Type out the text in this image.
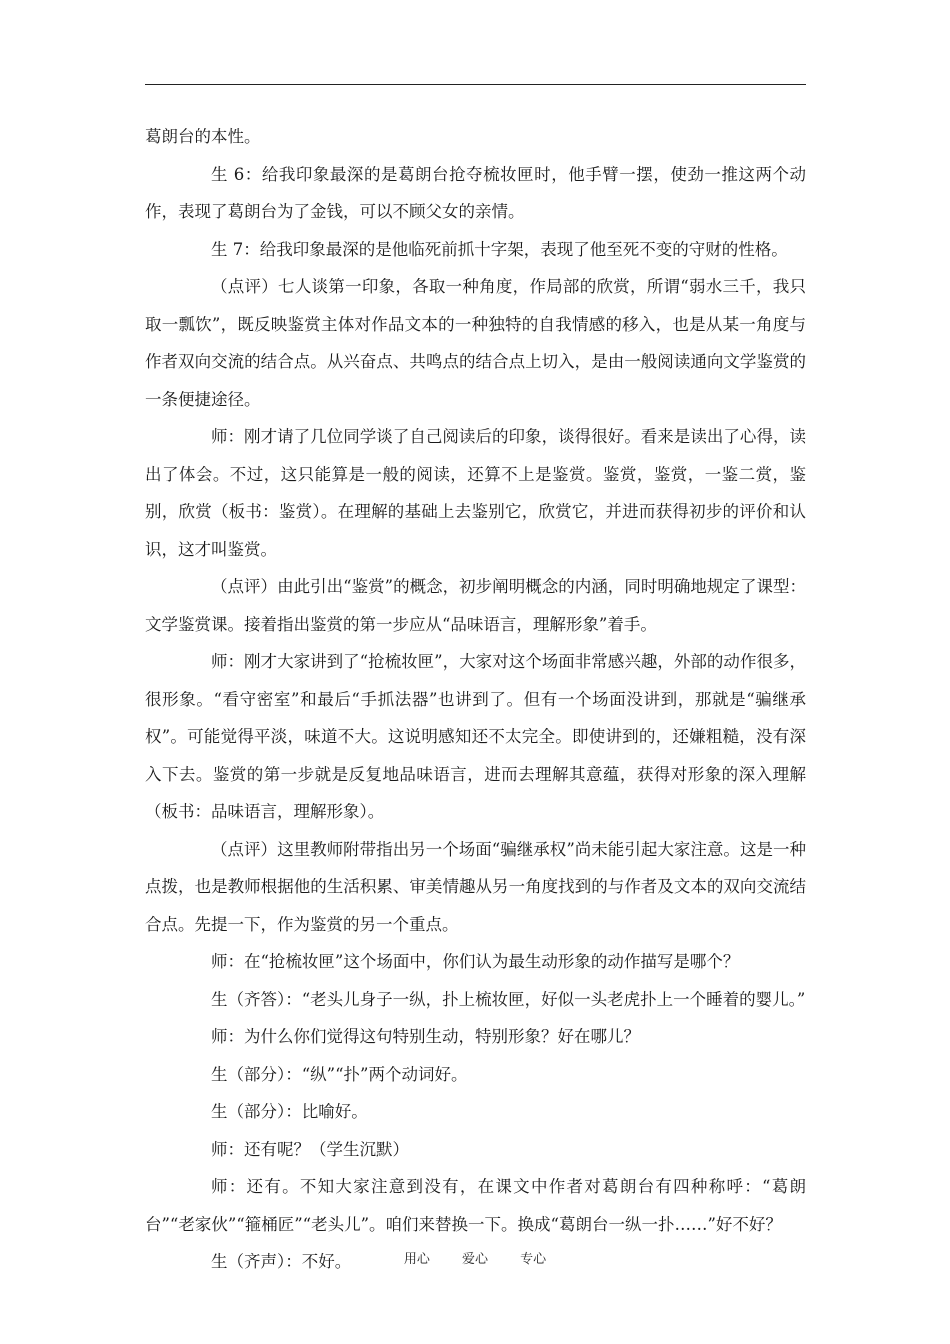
葛朗台的本性。

生 6：给我印象最深的是葛朗台抢夺梳妆匣时，他手臂一摆，使劲一推这两个动作，表现了葛朗台为了金钱，可以不顾父女的亲情。

生 7：给我印象最深的是他临死前抓十字架，表现了他至死不变的守财的性格。

（点评）七人谈第一印象，各取一种角度，作局部的欣赏，所谓“弱水三千，我只取一瓢饮”，既反映鉴赏主体对作品文本的一种独特的自我情感的移入，也是从某一角度与作者双向交流的结合点。从兴奋点、共鸣点的结合点上切入，是由一般阅读通向文学鉴赏的一条便捷途径。

师：刚才请了几位同学谈了自己阅读后的印象，谈得很好。看来是读出了心得，读出了体会。不过，这只能算是一般的阅读，还算不上是鉴赏。鉴赏，鉴赏，一鉴二赏，鉴别，欣赏（板书：鉴赏）。在理解的基础上去鉴别它，欣赏它，并进而获得初步的评价和认识，这才叫鉴赏。

（点评）由此引出“鉴赏”的概念，初步阐明概念的内涵，同时明确地规定了课型：文学鉴赏课。接着指出鉴赏的第一步应从“品味语言，理解形象”着手。

师：刚才大家讲到了“抢梳妆匣”，大家对这个场面非常感兴趣，外部的动作很多，很形象。“看守密室”和最后“手抓法器”也讲到了。但有一个场面没讲到，那就是“骗继承权”。可能觉得平淡，味道不大。这说明感知还不太完全。即使讲到的，还嫌粗糙，没有深入下去。鉴赏的第一步就是反复地品味语言，进而去理解其意蕴，获得对形象的深入理解（板书：品味语言，理解形象）。

（点评）这里教师附带指出另一个场面“骗继承权”尚未能引起大家注意。这是一种点拨，也是教师根据他的生活积累、审美情趣从另一角度找到的与作者及文本的双向交流结合点。先提一下，作为鉴赏的另一个重点。

师：在“抢梳妆匣”这个场面中，你们认为最生动形象的动作描写是哪个？

生（齐答）：“老头儿身子一纵，扑上梳妆匣，好似一头老虎扑上一个睡着的婴儿。”

师：为什么你们觉得这句特别生动，特别形象？好在哪儿？

生（部分）：“纵”“扑”两个动词好。

生（部分）：比喻好。

师：还有呢？（学生沉默）

师：还有。不知大家注意到没有，在课文中作者对葛朗台有四种称呼：“葛朗台”“老家伙”“箍桶匠”“老头儿”。咱们来替换一下。换成“葛朗台一纵一扑……”好不好？

生（齐声）：不好。	用心 爱心 专心
